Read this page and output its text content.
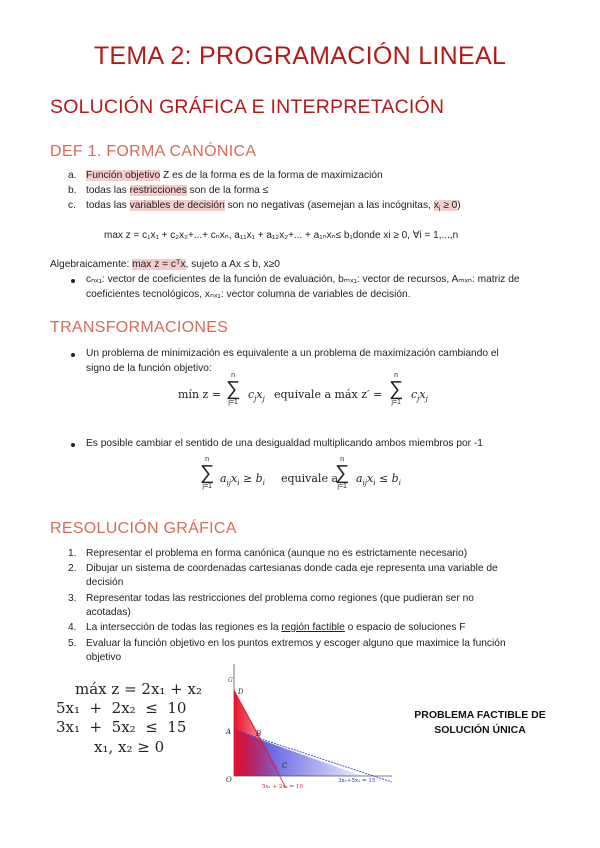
TEMA 2: PROGRAMACIÓN LINEAL
SOLUCIÓN GRÁFICA E INTERPRETACIÓN
DEF 1. FORMA CANÓNICA
a. Función objetivo Z es de la forma es de la forma de maximización
b. todas las restricciones son de la forma ≤
c. todas las variables de decisión son no negativas (asemejan a las incógnitas, $x_i \ge 0$)
max z = c₁x₁ + c₂x₂+...+ cₙxₙ, a₁₁x₁ + a₁₂x₂+... + a₁ₙxₙ≤ b₁donde xi ≥ 0, ∀i = 1,...,n
Algebraicamente: max z = cᵀx, sujeto a Ax ≤ b, x≥0
cₙₓ₁: vector de coeficientes de la función de evaluación, bₘₓ₁: vector de recursos, Aₘₓₙ: matriz de
coeficientes tecnológicos, xₙₓ₁: vector columna de variables de decisión.
TRANSFORMACIONES
Un problema de minimización es equivalente a un problema de maximización cambiando el
signo de la función objetivo:
mín z =
n
∑
j=1
$c_jx_j$ equivale a máx z′ =
n
∑
j=1
$c_jx_j$
Es posible cambiar el sentido de una desigualdad multiplicando ambos miembros por -1
n
∑
j=1
$a_{ij}x_i \ge b_i$ equivale a
n
∑
j=1
$a_{ij}x_i \le b_i$
RESOLUCIÓN GRÁFICA
1. Representar el problema en forma canónica (aunque no es estrictamente necesario)
2. Dibujar un sistema de coordenadas cartesianas donde cada eje representa una variable de
decisión
3. Representar todas las restricciones del problema como regiones (que pudieran ser no
acotadas)
4. La intersección de todas las regiones es la región factible o espacio de soluciones F
5. Evaluar la función objetivo en los puntos extremos y escoger alguno que maximice la función
objetivo
máx z = 2x₁ + x₂
5x₁  +  2x₂  ≤  10
3x₁  +  5x₂  ≤  15
x₁, x₂ ≥ 0
D
A	B
C
O
G
5x₁ + 2x₂ = 10
3x₁+5x₂ = 15
PROBLEMA FACTIBLE DE
SOLUCIÓN ÚNICA
